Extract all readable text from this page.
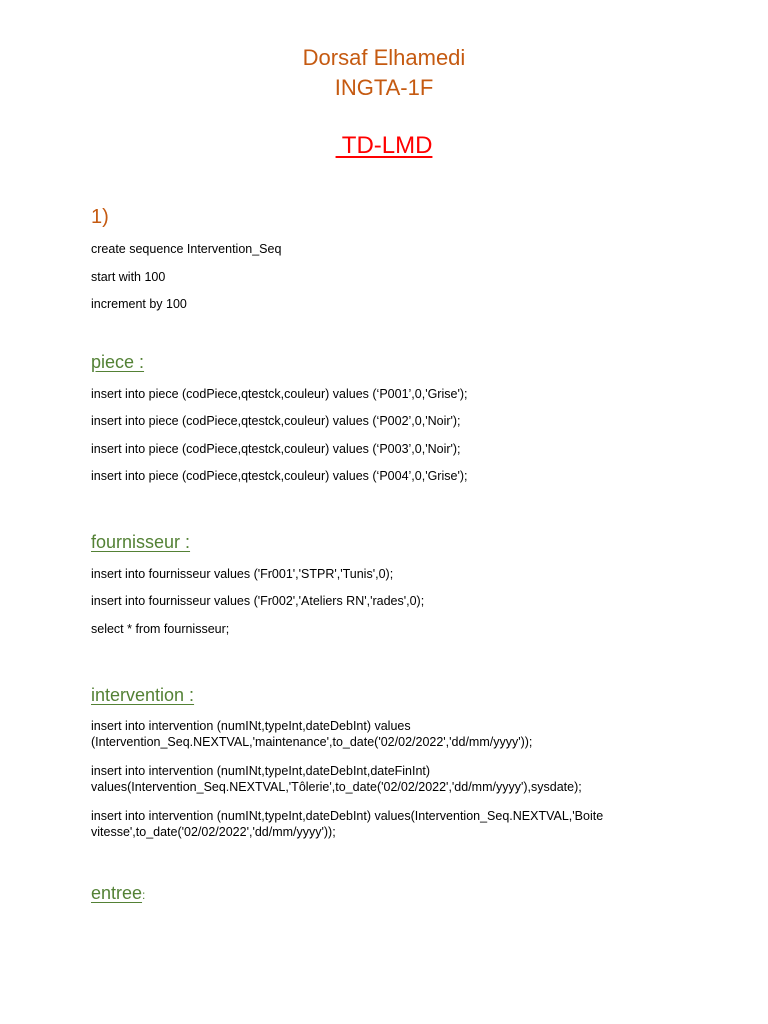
Dorsaf Elhamedi
INGTA-1F
TD-LMD
1)
create sequence Intervention_Seq
start with 100
increment by 100
piece :
insert into piece (codPiece,qtestck,couleur) values (‘P001’,0,'Grise');
insert into piece (codPiece,qtestck,couleur) values (‘P002’,0,'Noir');
insert into piece (codPiece,qtestck,couleur) values (‘P003’,0,'Noir');
insert into piece (codPiece,qtestck,couleur) values (‘P004’,0,'Grise');
fournisseur :
insert into fournisseur values ('Fr001','STPR','Tunis',0);
insert into fournisseur values ('Fr002','Ateliers RN','rades',0);
select * from fournisseur;
intervention :
insert into intervention (numINt,typeInt,dateDebInt) values (Intervention_Seq.NEXTVAL,'maintenance',to_date('02/02/2022','dd/mm/yyyy'));
insert into intervention (numINt,typeInt,dateDebInt,dateFinInt) values(Intervention_Seq.NEXTVAL,'Tôlerie',to_date('02/02/2022','dd/mm/yyyy'),sysdate);
insert into intervention (numINt,typeInt,dateDebInt) values(Intervention_Seq.NEXTVAL,'Boite vitesse',to_date('02/02/2022','dd/mm/yyyy'));
entree:
